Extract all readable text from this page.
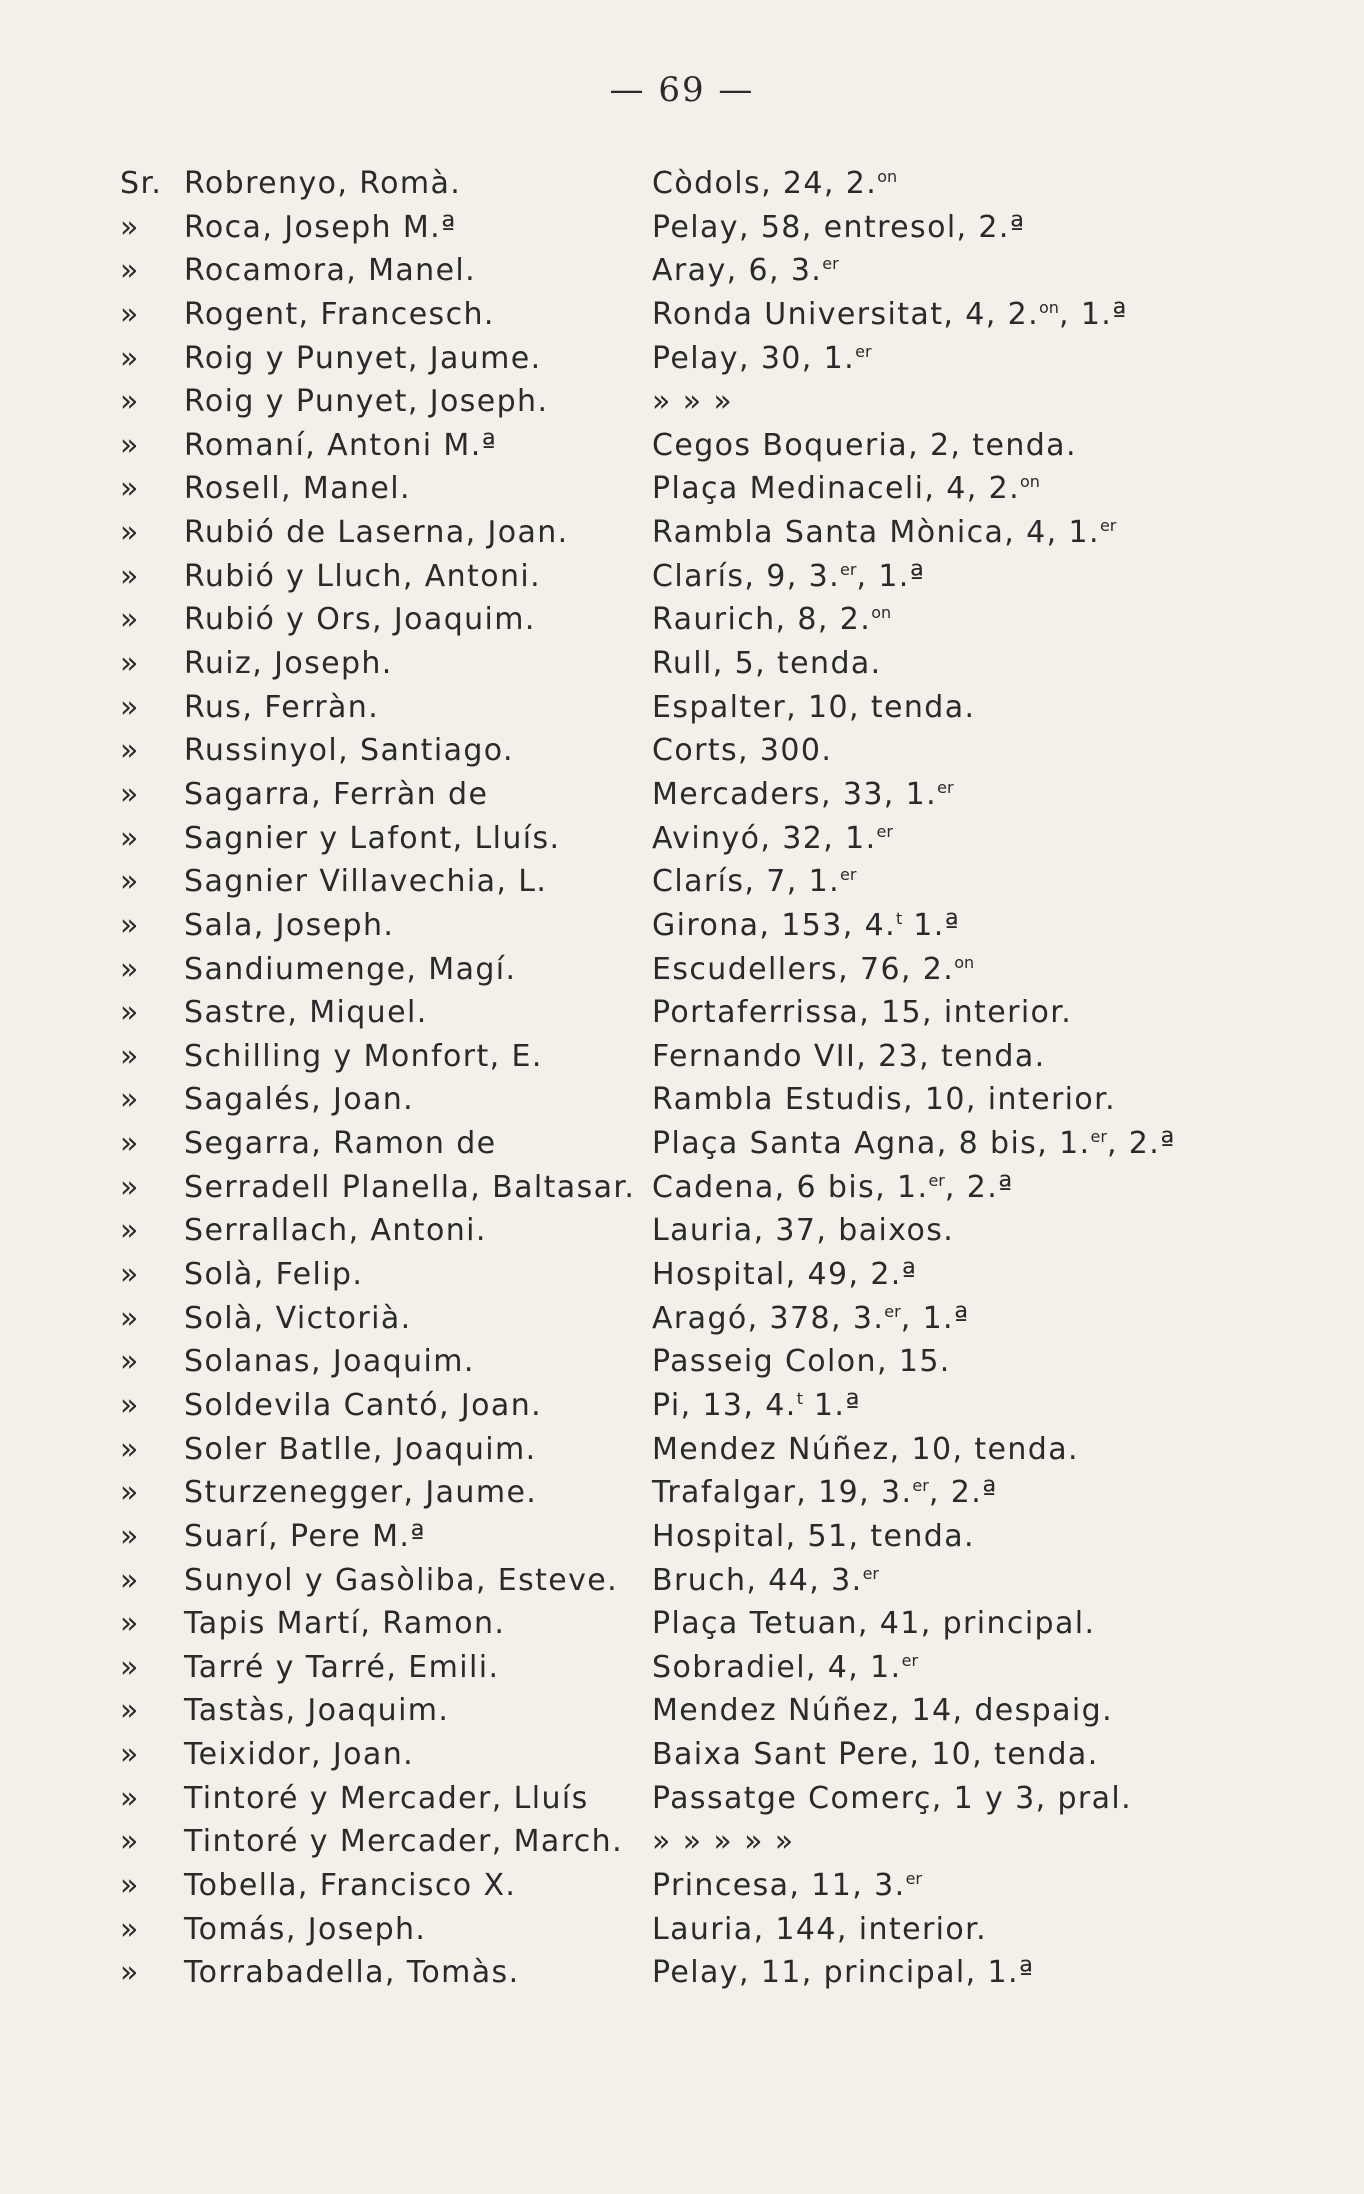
— 69 —
Sr. Robrenyo, Romà.	Còdols, 24, 2.$^{on}$
»	Roca, Joseph M.ª	Pelay, 58, entresol, 2.ª
»	Rocamora, Manel.	Aray, 6, 3.$^{er}$
»	Rogent, Francesch.	Ronda Universitat, 4, 2.$^{on}$, 1.ª
»	Roig y Punyet, Jaume.	Pelay, 30, 1.$^{er}$
»	Roig y Punyet, Joseph.	» » »
»	Romaní, Antoni M.ª	Cegos Boqueria, 2, tenda.
»	Rosell, Manel.	Plaça Medinaceli, 4, 2.$^{on}$
»	Rubió de Laserna, Joan.	Rambla Santa Mònica, 4, 1.$^{er}$
»	Rubió y Lluch, Antoni.	Clarís, 9, 3.$^{er}$, 1.ª
»	Rubió y Ors, Joaquim.	Raurich, 8, 2.$^{on}$
»	Ruiz, Joseph.	Rull, 5, tenda.
»	Rus, Ferràn.	Espalter, 10, tenda.
»	Russinyol, Santiago.	Corts, 300.
»	Sagarra, Ferràn de	Mercaders, 33, 1.$^{er}$
»	Sagnier y Lafont, Lluís.	Avinyó, 32, 1.$^{er}$
»	Sagnier Villavechia, L.	Clarís, 7, 1.$^{er}$
»	Sala, Joseph.	Girona, 153, 4.$^t$ 1.ª
»	Sandiumenge, Magí.	Escudellers, 76, 2.$^{on}$
»	Sastre, Miquel.	Portaferrissa, 15, interior.
»	Schilling y Monfort, E.	Fernando VII, 23, tenda.
»	Sagalés, Joan.	Rambla Estudis, 10, interior.
»	Segarra, Ramon de	Plaça Santa Agna, 8 bis, 1.$^{er}$, 2.ª
»	Serradell Planella, Baltasar. Cadena, 6 bis, 1.$^{er}$, 2.ª
»	Serrallach, Antoni.	Lauria, 37, baixos.
»	Solà, Felip.	Hospital, 49, 2.ª
»	Solà, Victorià.	Aragó, 378, 3.$^{er}$, 1.ª
»	Solanas, Joaquim.	Passeig Colon, 15.
»	Soldevila Cantó, Joan.	Pi, 13, 4.$^t$ 1.ª
»	Soler Batlle, Joaquim.	Mendez Núñez, 10, tenda.
»	Sturzenegger, Jaume.	Trafalgar, 19, 3.$^{er}$, 2.ª
»	Suarí, Pere M.ª	Hospital, 51, tenda.
»	Sunyol y Gasòliba, Esteve. Bruch, 44, 3.$^{er}$
»	Tapis Martí, Ramon.	Plaça Tetuan, 41, principal.
»	Tarré y Tarré, Emili.	Sobradiel, 4, 1.$^{er}$
»	Tastàs, Joaquim.	Mendez Núñez, 14, despaig.
»	Teixidor, Joan.	Baixa Sant Pere, 10, tenda.
»	Tintoré y Mercader, Lluís Passatge Comerç, 1 y 3, pral.
»	Tintoré y Mercader, March. » » » » »
»	Tobella, Francisco X.	Princesa, 11, 3.$^{er}$
»	Tomás, Joseph.	Lauria, 144, interior.
»	Torrabadella, Tomàs.	Pelay, 11, principal, 1.ª
